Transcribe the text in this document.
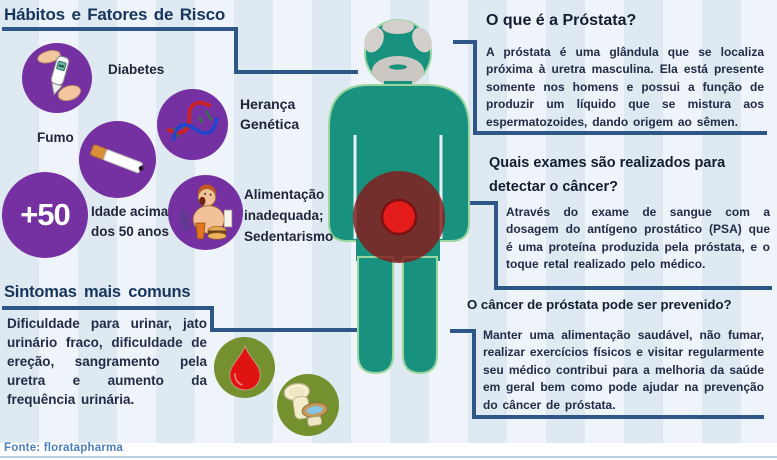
Hábitos e Fatores de Risco
Diabetes
Fumo
Herança Genética
+50 Idade acima dos 50 anos
Alimentação inadequada; Sedentarismo
Sintomas mais comuns
Dificuldade para urinar, jato urinário fraco, dificuldade de ereção, sangramento pela uretra e aumento da frequência urinária.
O que é a Próstata?
A próstata é uma glândula que se localiza próxima à uretra masculina. Ela está presente somente nos homens e possui a função de produzir um líquido que se mistura aos espermatozoides, dando origem ao sêmen.
Quais exames são realizados para detectar o câncer?
Através do exame de sangue com a dosagem do antígeno prostático (PSA) que é uma proteína produzida pela próstata, e o toque retal realizado pelo médico.
O câncer de próstata pode ser prevenido?
Manter uma alimentação saudável, não fumar, realizar exercícios físicos e visitar regularmente seu médico contribui para a melhoria da saúde em geral bem como pode ajudar na prevenção do câncer de próstata.
Fonte: floratapharma
